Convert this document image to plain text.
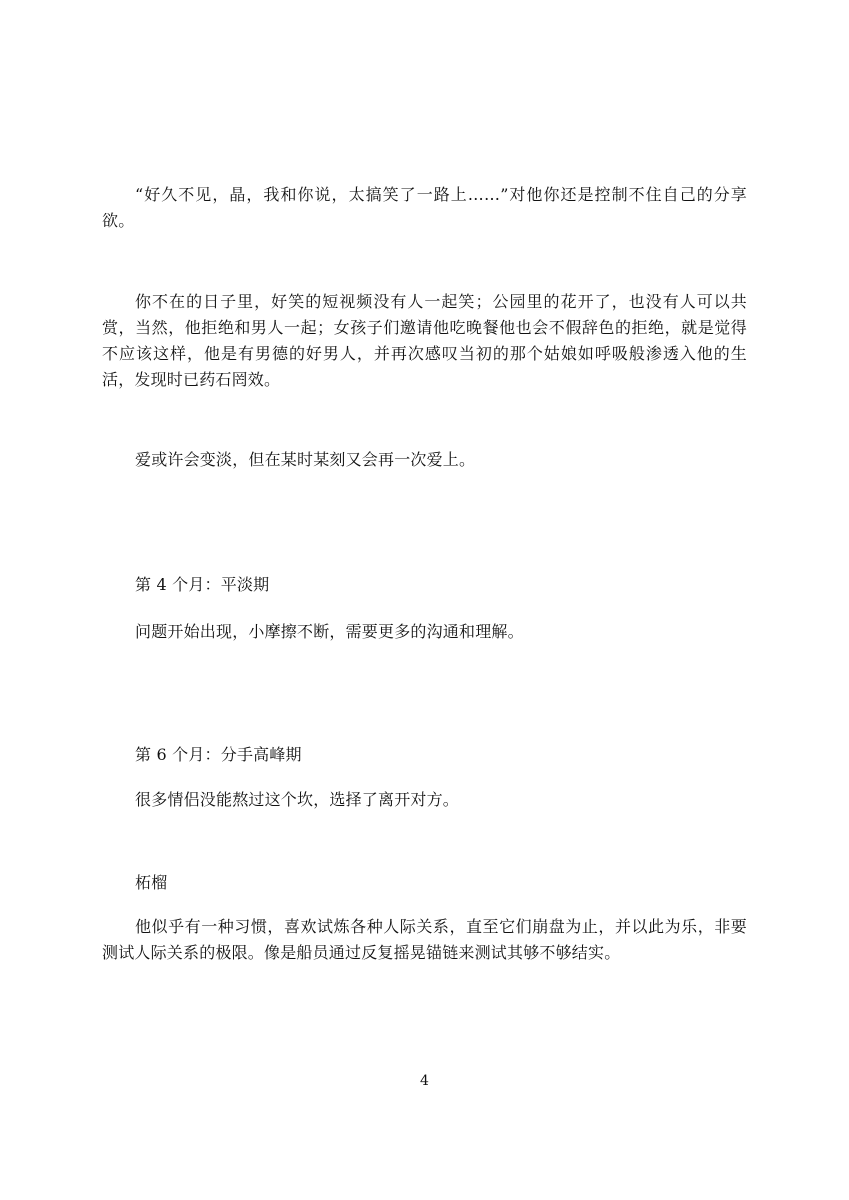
“好久不见，晶，我和你说，太搞笑了一路上……”对他你还是控制不住自己的分享欲。

你不在的日子里，好笑的短视频没有人一起笑；公园里的花开了，也没有人可以共赏，当然，他拒绝和男人一起；女孩子们邀请他吃晚餐他也会不假辞色的拒绝，就是觉得不应该这样，他是有男德的好男人，并再次感叹当初的那个姑娘如呼吸般渗透入他的生活，发现时已药石罔效。

爱或许会变淡，但在某时某刻又会再一次爱上。

第 4 个月：平淡期

问题开始出现，小摩擦不断，需要更多的沟通和理解。

第 6 个月：分手高峰期

很多情侣没能熬过这个坎，选择了离开对方。

柘榴

他似乎有一种习惯，喜欢试炼各种人际关系，直至它们崩盘为止，并以此为乐，非要测试人际关系的极限。像是船员通过反复摇晃锚链来测试其够不够结实。

4
